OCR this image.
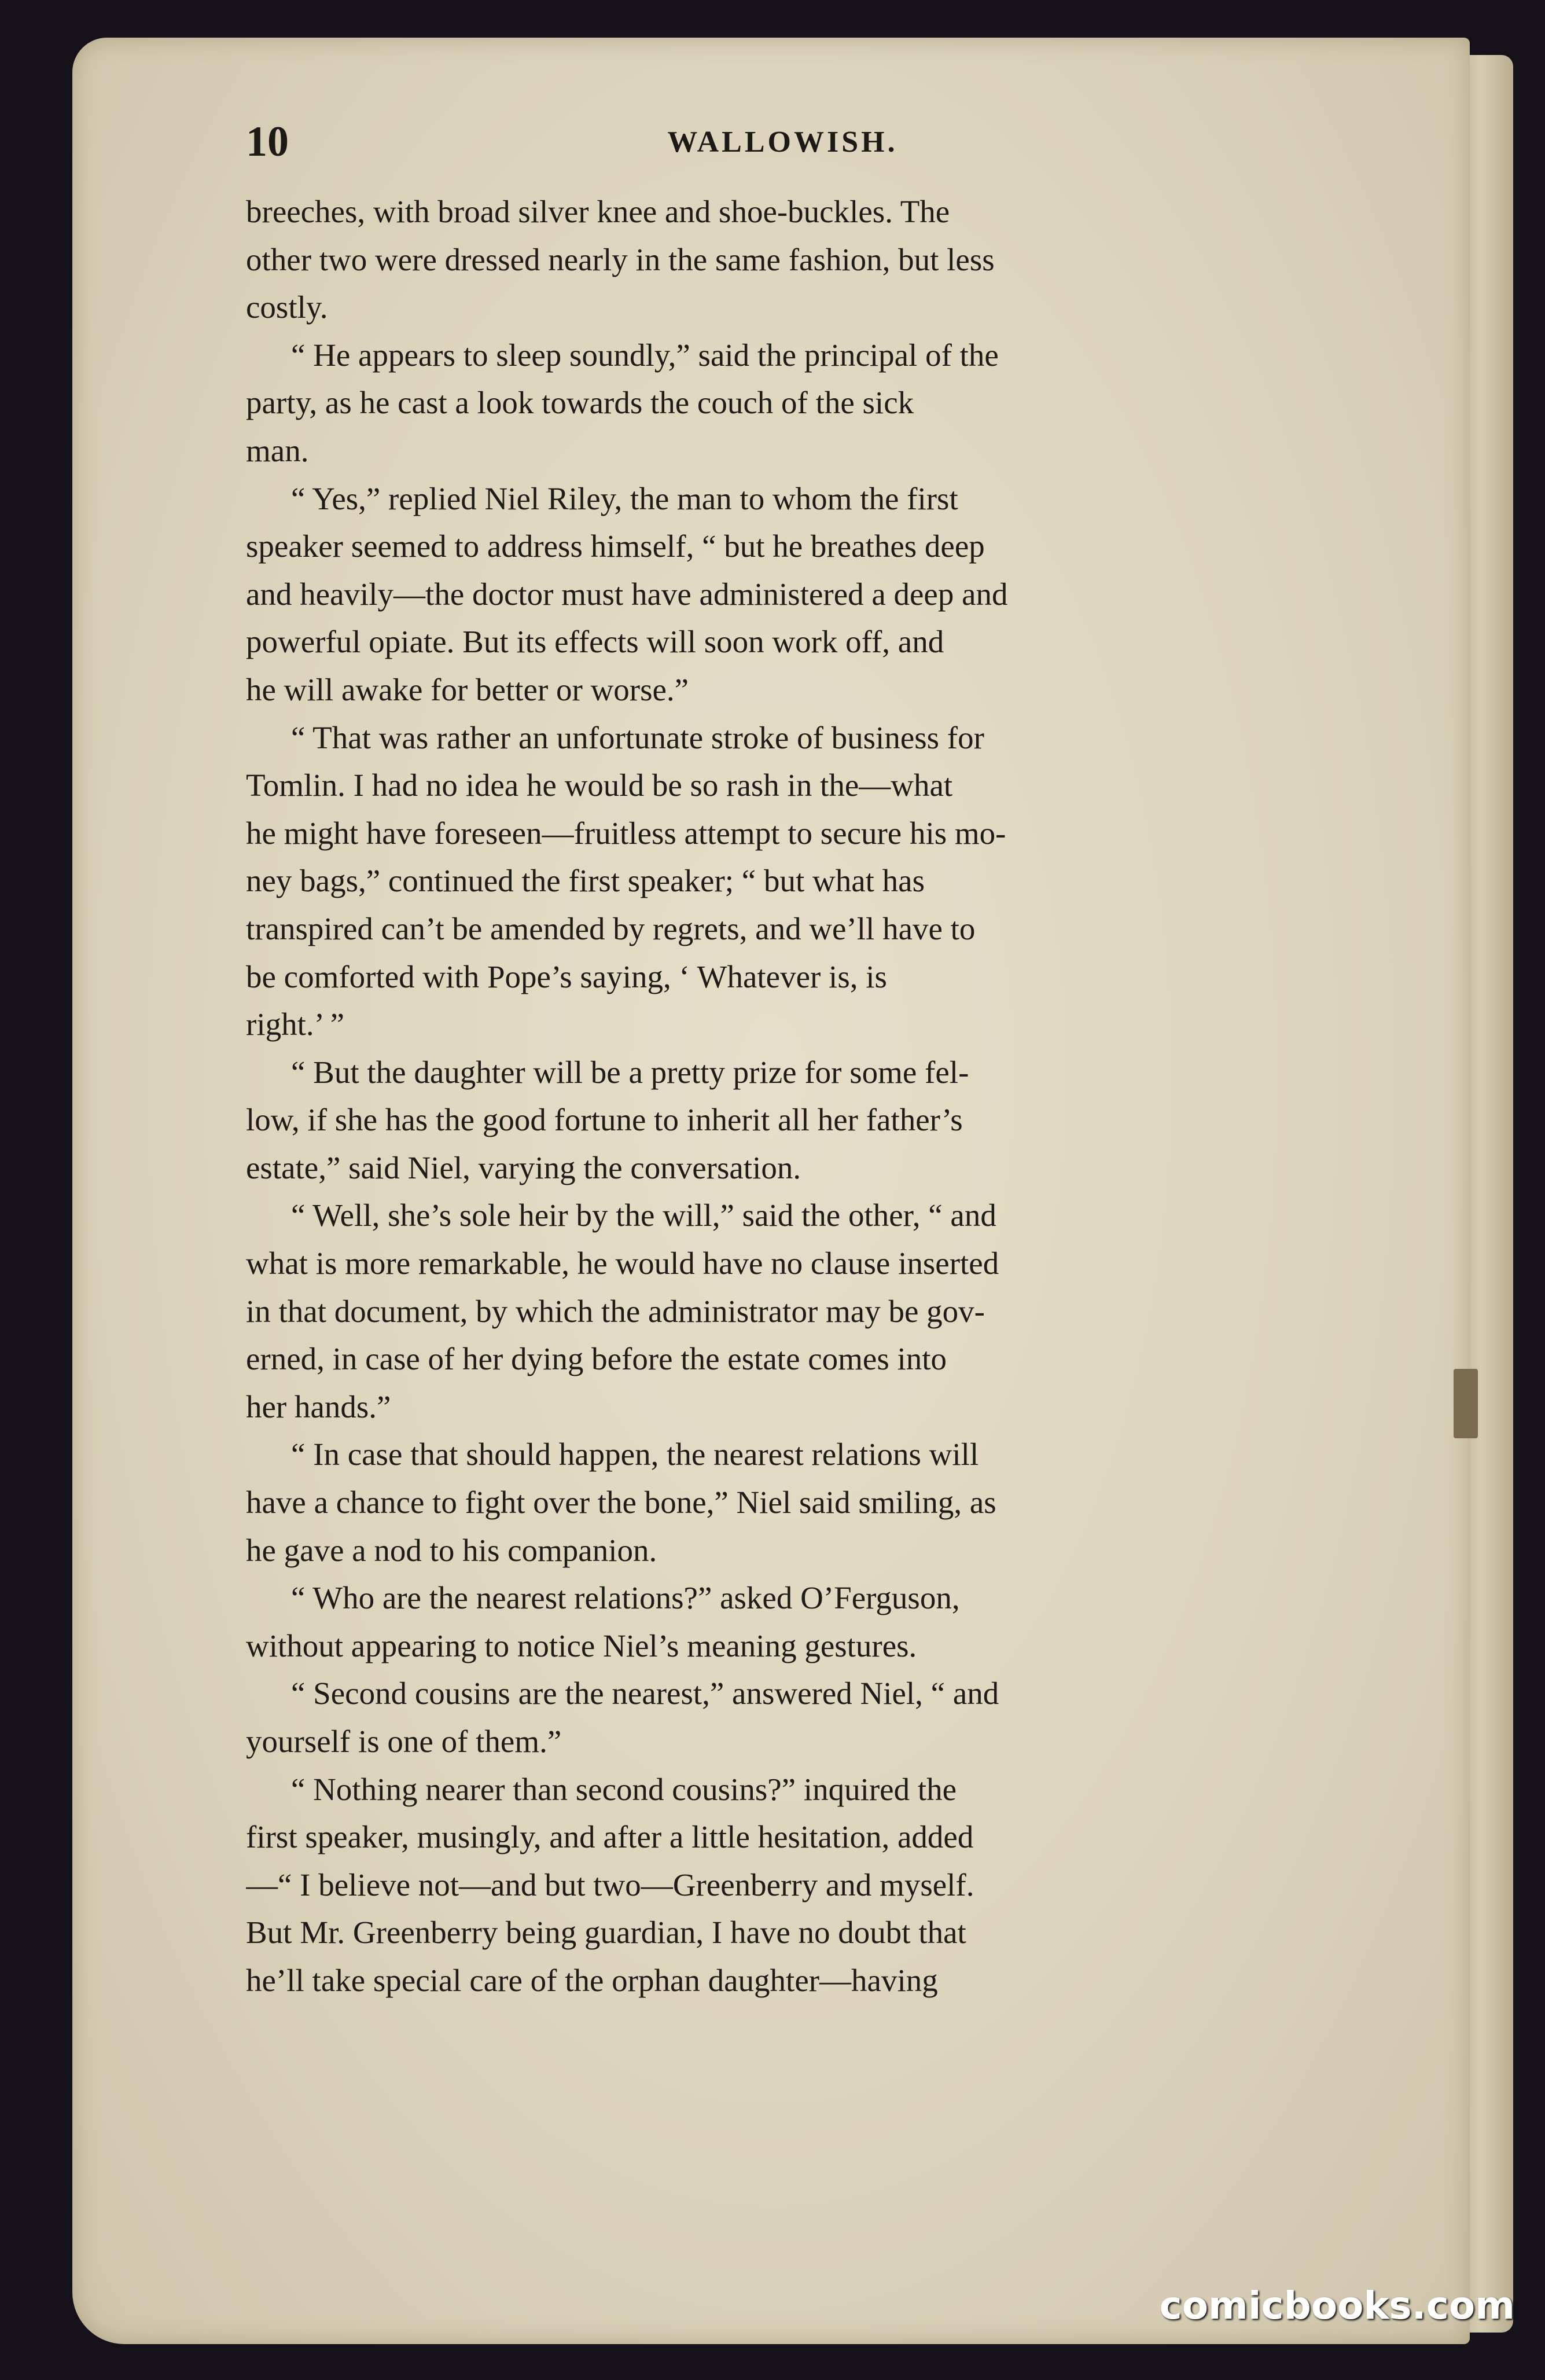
10	WALLOWISH.
breeches, with broad silver knee and shoe-buckles. The
other two were dressed nearly in the same fashion, but less
costly.
“ He appears to sleep soundly,” said the principal of the
party, as he cast a look towards the couch of the sick
man.
“ Yes,” replied Niel Riley, the man to whom the first
speaker seemed to address himself, “ but he breathes deep
and heavily—the doctor must have administered a deep and
powerful opiate. But its effects will soon work off, and
he will awake for better or worse.”
“ That was rather an unfortunate stroke of business for
Tomlin. I had no idea he would be so rash in the—what
he might have foreseen—fruitless attempt to secure his mo-
ney bags,” continued the first speaker; “ but what has
transpired can’t be amended by regrets, and we’ll have to
be comforted with Pope’s saying, ‘ Whatever is, is
right.’ ”
“ But the daughter will be a pretty prize for some fel-
low, if she has the good fortune to inherit all her father’s
estate,” said Niel, varying the conversation.
“ Well, she’s sole heir by the will,” said the other, “ and
what is more remarkable, he would have no clause inserted
in that document, by which the administrator may be gov-
erned, in case of her dying before the estate comes into
her hands.”
“ In case that should happen, the nearest relations will
have a chance to fight over the bone,” Niel said smiling, as
he gave a nod to his companion.
“ Who are the nearest relations?” asked O’Ferguson,
without appearing to notice Niel’s meaning gestures.
“ Second cousins are the nearest,” answered Niel, “ and
yourself is one of them.”
“ Nothing nearer than second cousins?” inquired the
first speaker, musingly, and after a little hesitation, added
—“ I believe not—and but two—Greenberry and myself.
But Mr. Greenberry being guardian, I have no doubt that
he’ll take special care of the orphan daughter—having
comicbooks.com
